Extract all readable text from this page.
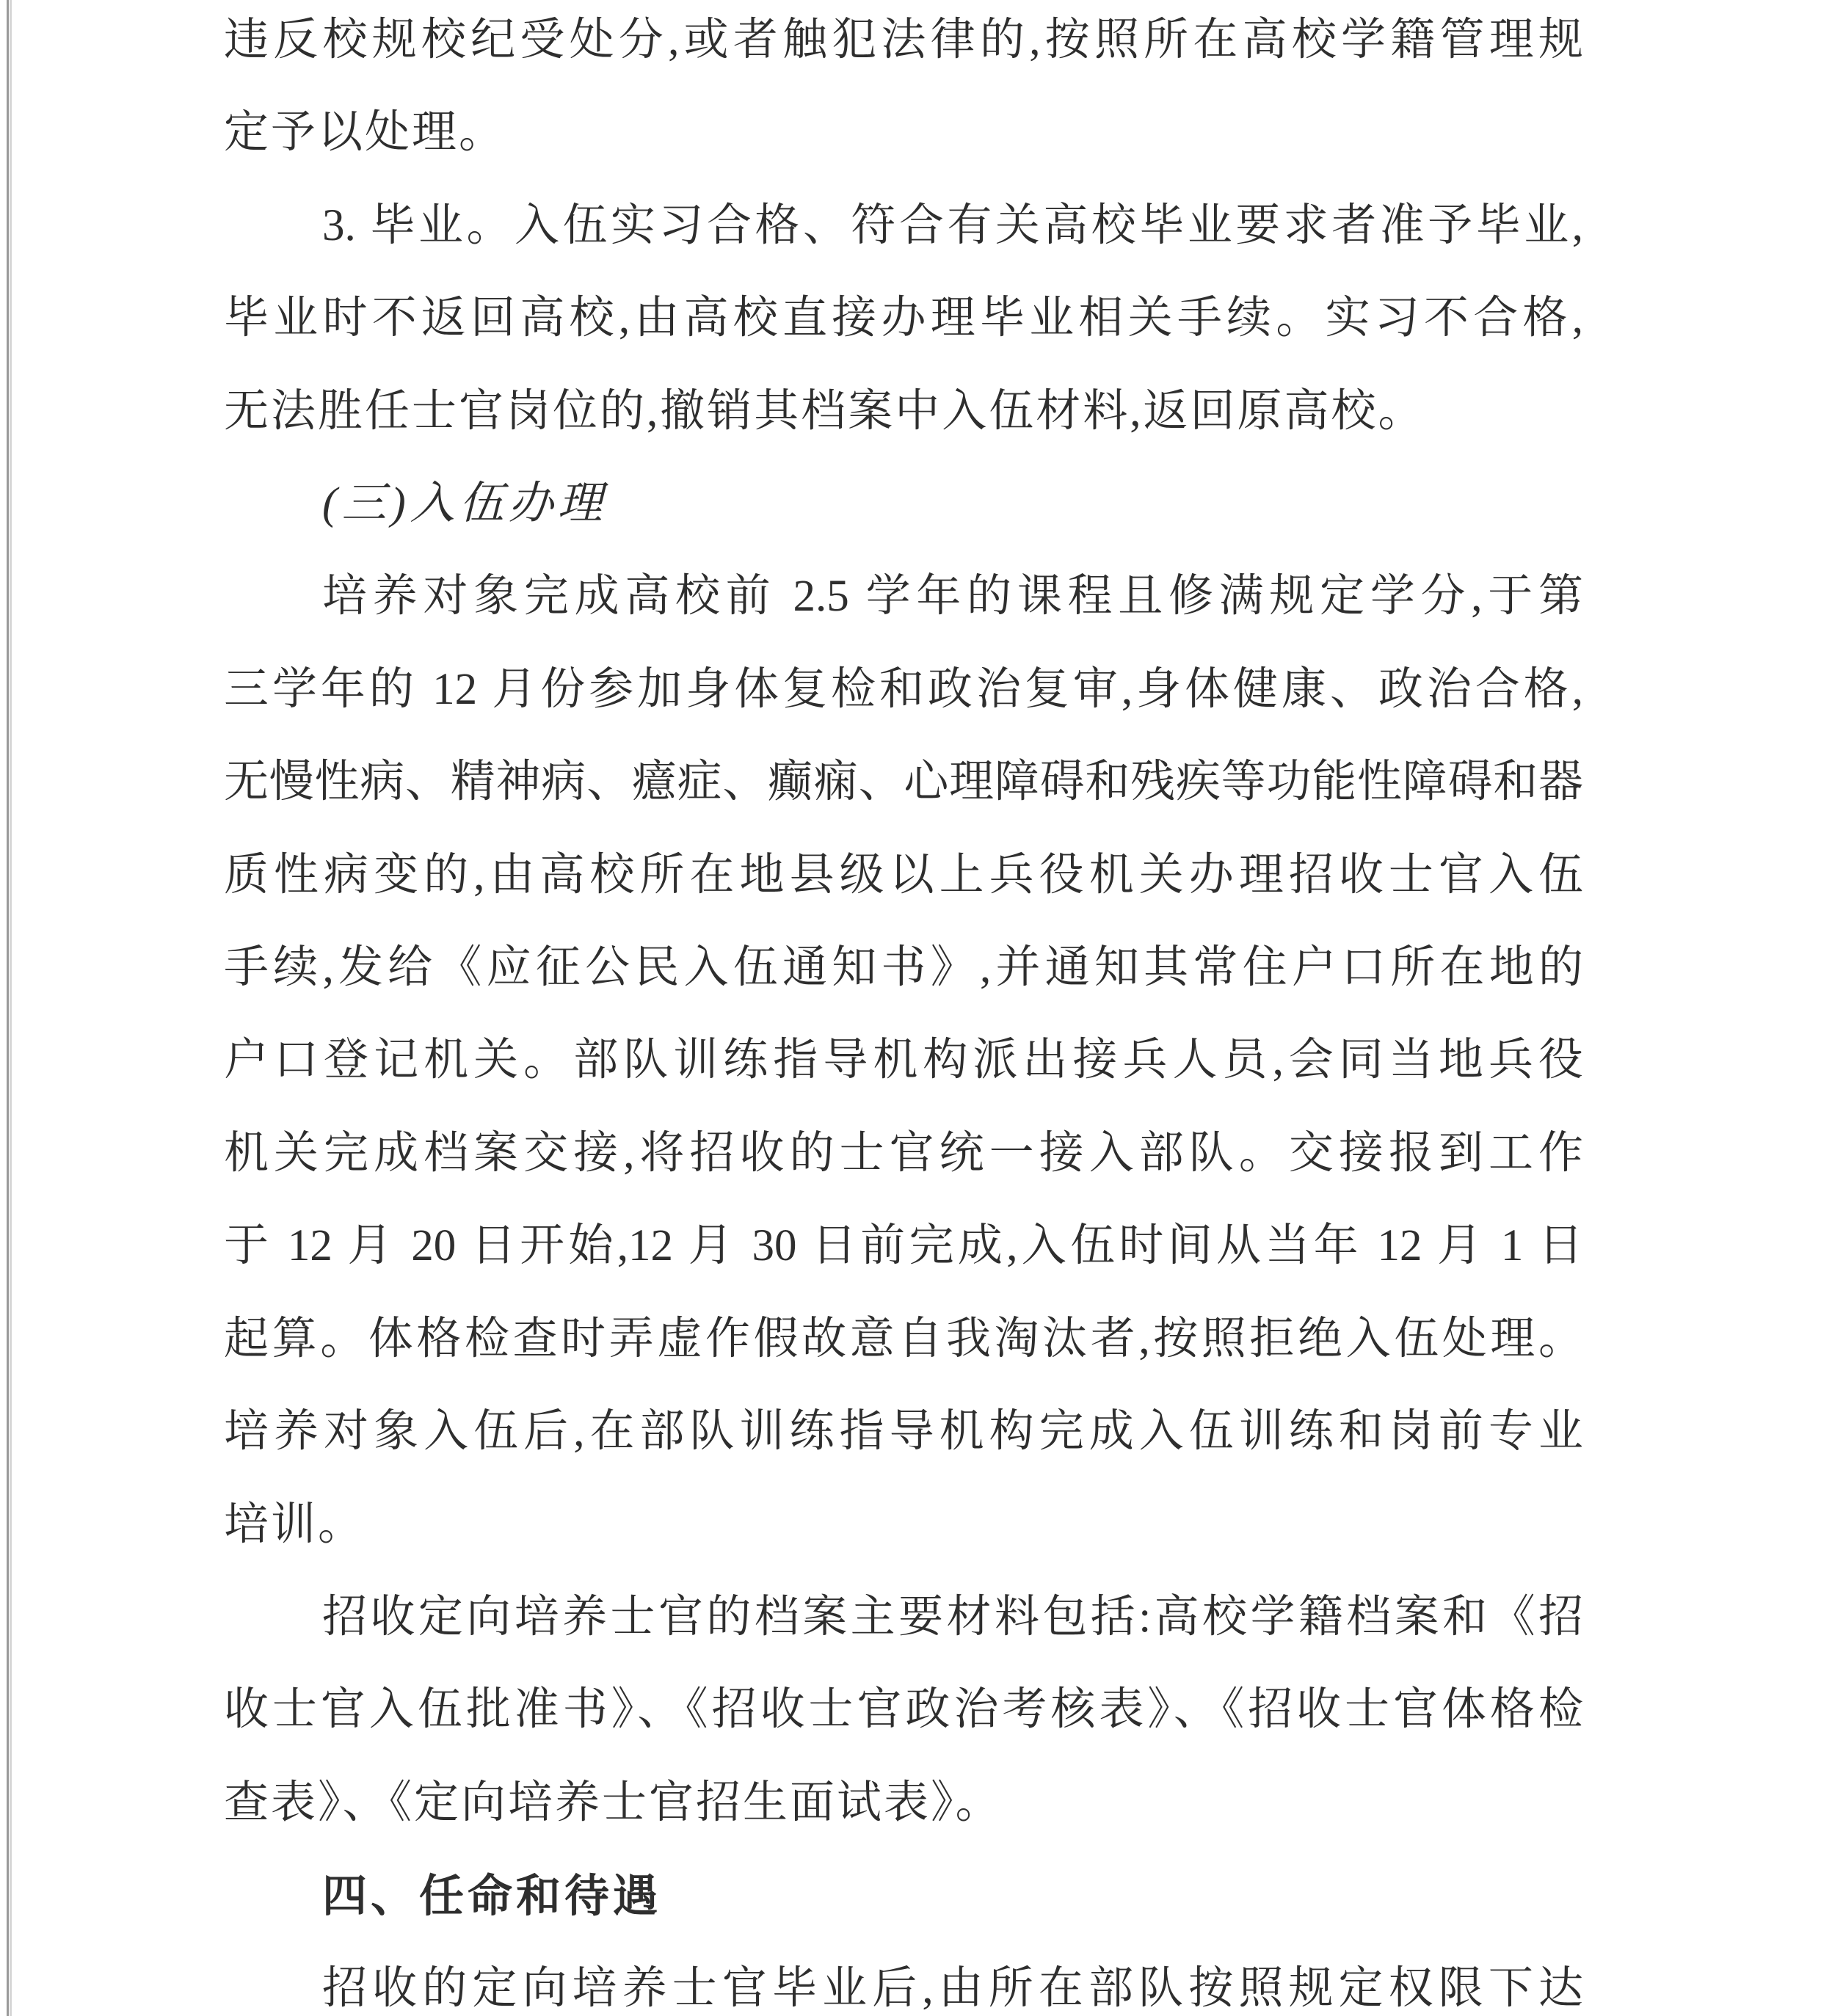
违反校规校纪受处分,或者触犯法律的,按照所在高校学籍管理规
定予以处理。
3. 毕业。入伍实习合格、符合有关高校毕业要求者准予毕业,
毕业时不返回高校,由高校直接办理毕业相关手续。实习不合格,
无法胜任士官岗位的,撤销其档案中入伍材料,返回原高校。
(三)入伍办理
培养对象完成高校前 2.5 学年的课程且修满规定学分,于第
三学年的 12 月份参加身体复检和政治复审,身体健康、政治合格,
无慢性病、精神病、癔症、癫痫、心理障碍和残疾等功能性障碍和器
质性病变的,由高校所在地县级以上兵役机关办理招收士官入伍
手续,发给《应征公民入伍通知书》,并通知其常住户口所在地的
户口登记机关。部队训练指导机构派出接兵人员,会同当地兵役
机关完成档案交接,将招收的士官统一接入部队。交接报到工作
于 12 月 20 日开始,12 月 30 日前完成,入伍时间从当年 12 月 1 日
起算。体格检查时弄虚作假故意自我淘汰者,按照拒绝入伍处理。
培养对象入伍后,在部队训练指导机构完成入伍训练和岗前专业
培训。
招收定向培养士官的档案主要材料包括:高校学籍档案和《招
收士官入伍批准书》、《招收士官政治考核表》、《招收士官体格检
查表》、《定向培养士官招生面试表》。
四、任命和待遇
招收的定向培养士官毕业后,由所在部队按照规定权限下达
